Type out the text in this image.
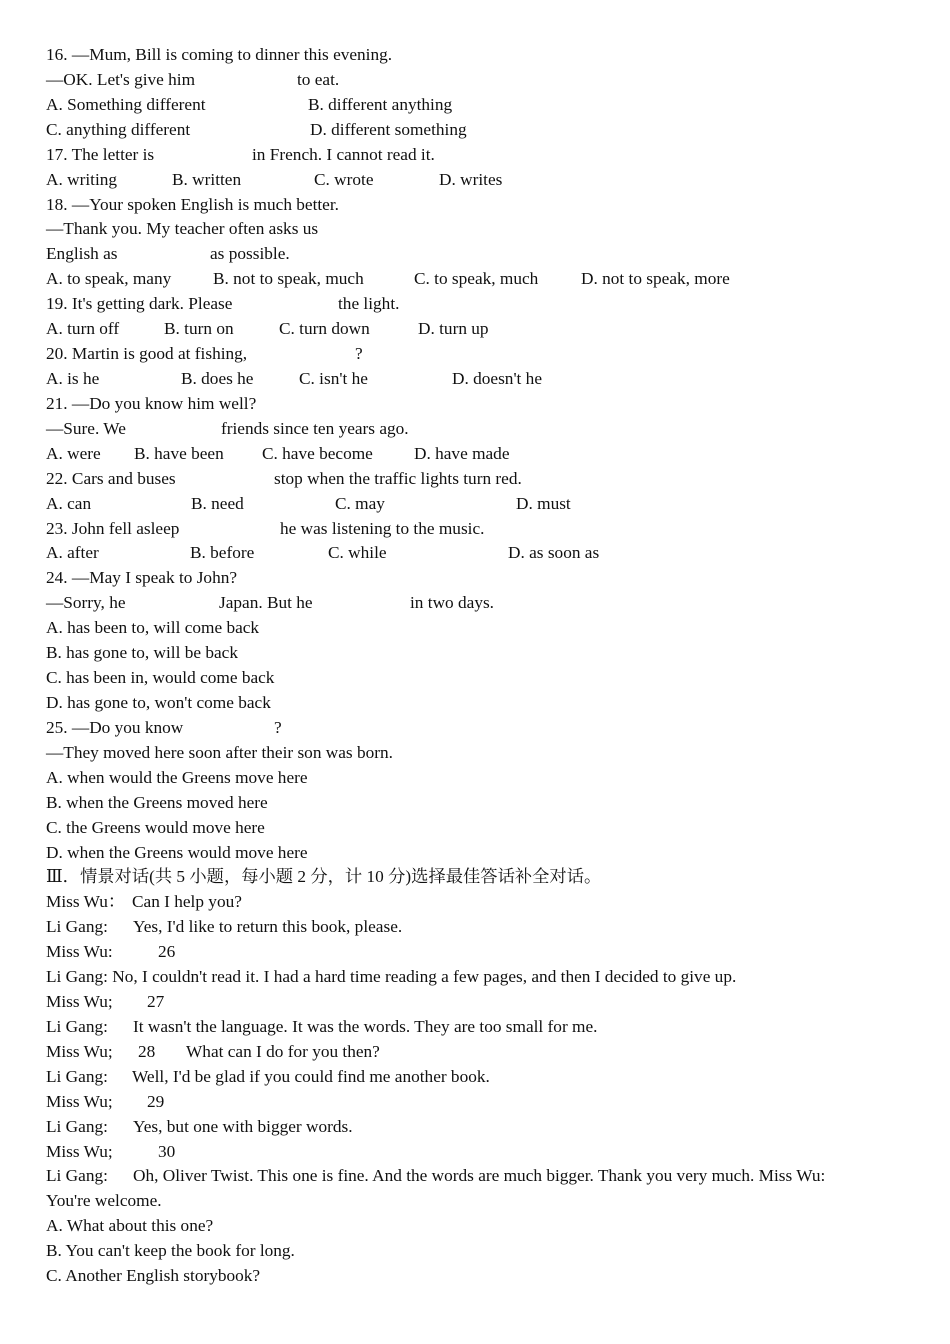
16. —Mum, Bill is coming to dinner this evening.

—OK. Let's give him

	to eat.

A. Something different

	B. different anything

C. anything different

	D. different something

17. The letter is

	in French. I cannot read it.

A. writing

	B. written

	C. wrote

	D. writes

18. —Your spoken English is much better.
—Thank you. My teacher often asks us

English as

	as possible.

A. to speak, many

B. not to speak, much

	C. to speak, much

D. not to speak, more

19. It's getting dark. Please

	the light.

A. turn off

	B. turn on

	C. turn down

	D. turn up

20. Martin is good at fishing,

	?

A. is he

	B. does he

	C. isn't he

	D. doesn't he

21. —Do you know him well?

—Sure. We

	friends since ten years ago.

A. were

B. have been

C. have become

D. have made

22. Cars and buses

	stop when the traffic lights turn red.

A. can

	B. need

	C. may

	D. must

23. John fell asleep

	he was listening to the music.

A. after

	B. before

	C. while

	D. as soon as

24. —May I speak to John?

—Sorry, he

	Japan. But he

	in two days.

A. has been to, will come back
B. has gone to, will be back
C. has been in, would come back
D. has gone to, won't come back

25. —Do you know

	?

—They moved here soon after their son was born.
A. when would the Greens move here
B. when the Greens moved here
C. the Greens would move here
D. when the Greens would move here
Ⅲ．情景对话(共 5 小题，每小题 2 分，计 10 分)选择最佳答话补全对话。

Miss Wu：

Can I help you?

Li Gang:

Yes, I'd like to return this book, please.

Miss Wu:

	26

Li Gang: No, I couldn't read it. I had a hard time reading a few pages, and then I decided to give up.

Miss Wu;

27

Li Gang:

It wasn't the language. It was the words. They are too small for me.

Miss Wu;

28

What can I do for you then?

Li Gang:

Well, I'd be glad if you could find me another book.

Miss Wu;

29

Li Gang:

Yes, but one with bigger words.

Miss Wu;

	30

Li Gang:

Oh, Oliver Twist. This one is fine. And the words are much bigger. Thank you very much. Miss Wu:

You're welcome.
A. What about this one?
B. You can't keep the book for long.
C. Another English storybook?
